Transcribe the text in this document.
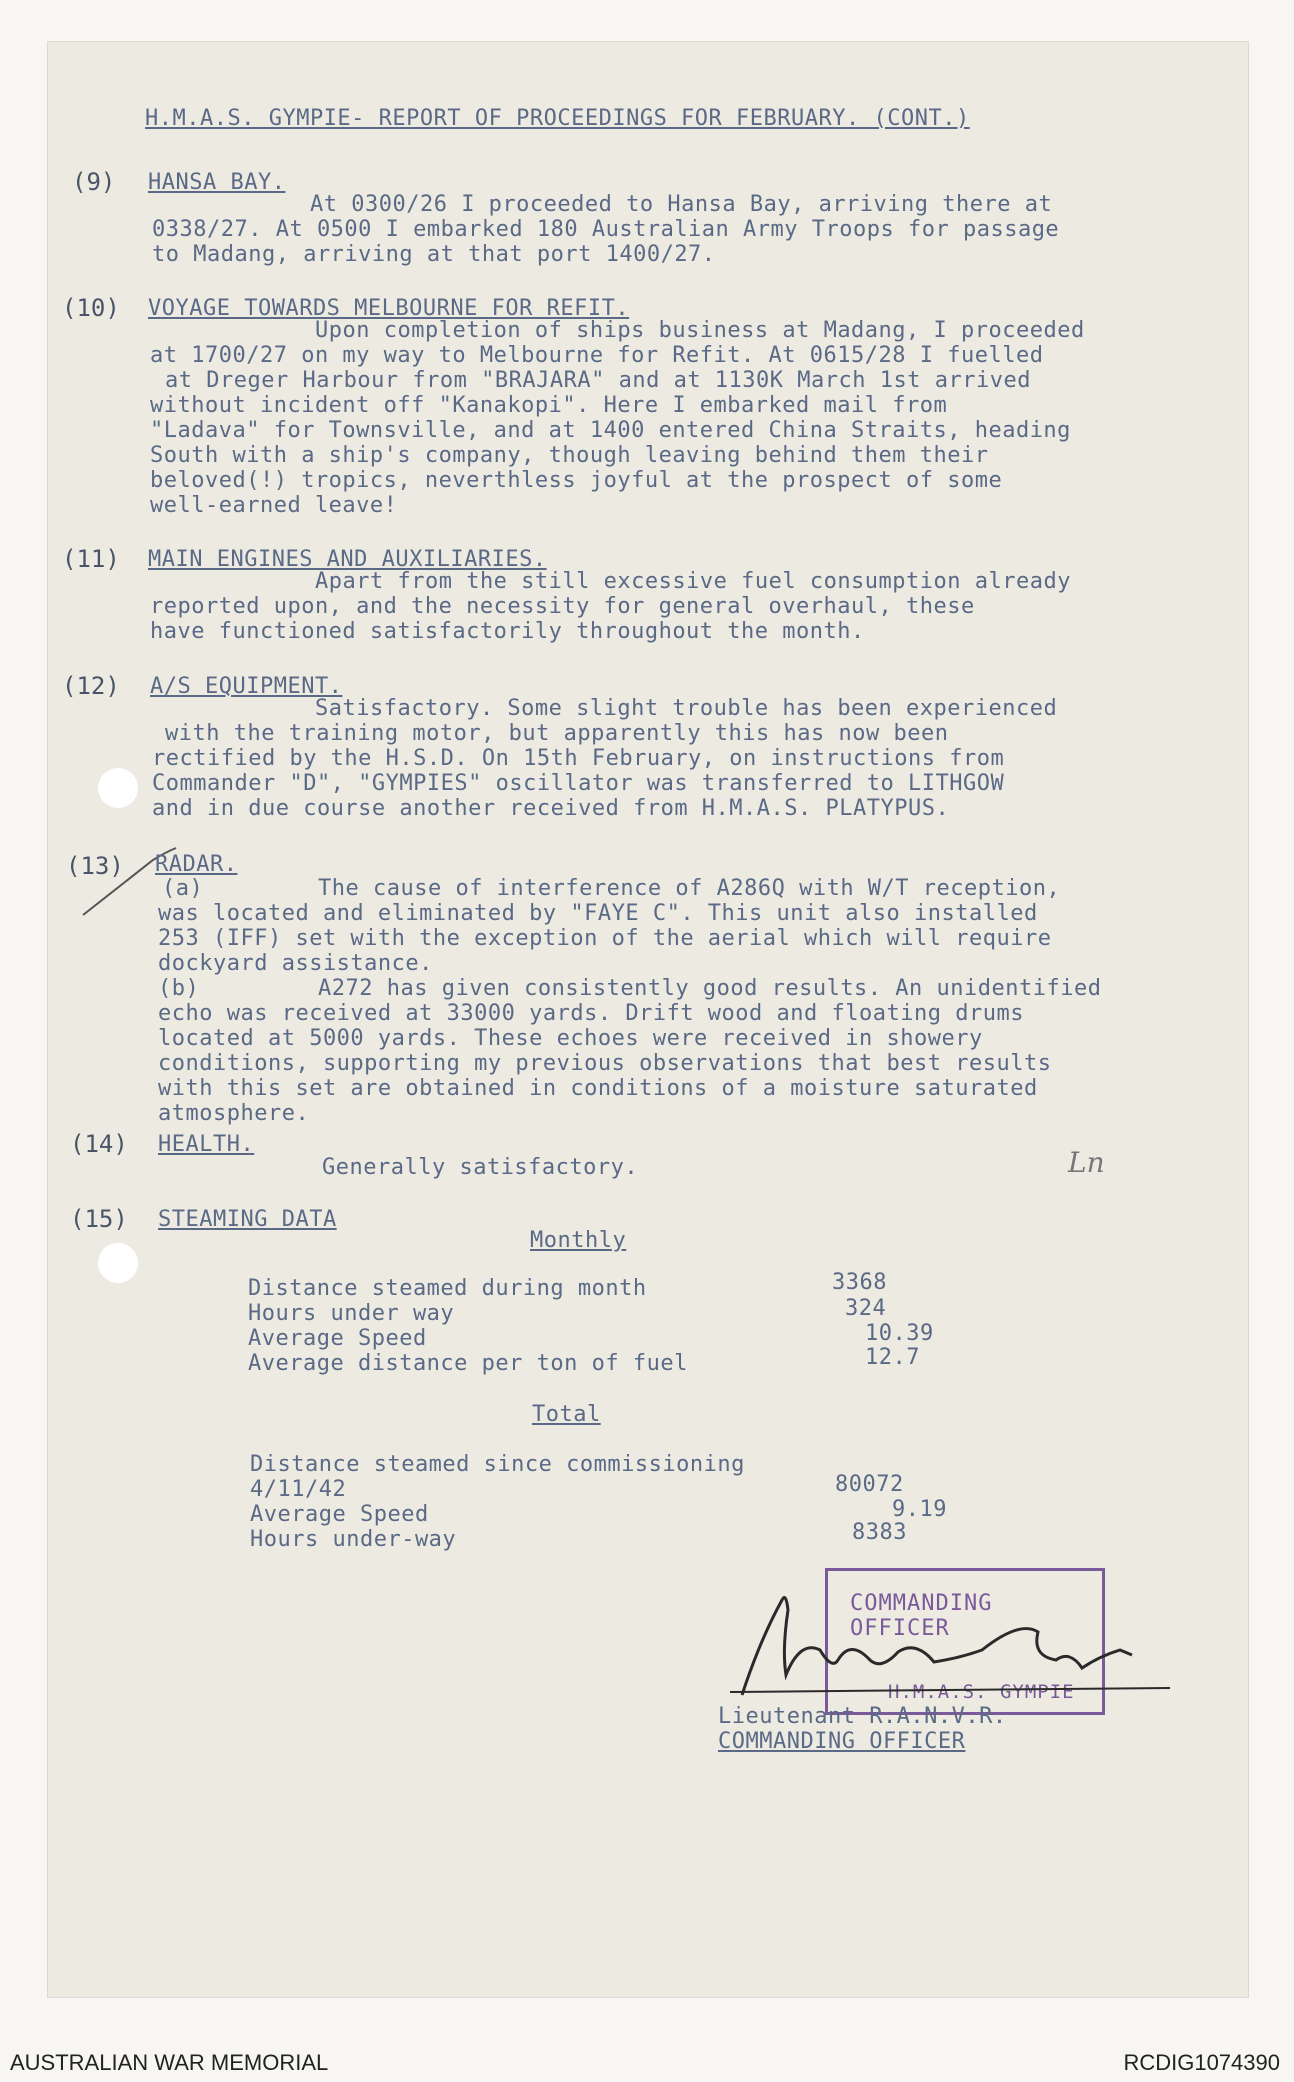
H.M.A.S. GYMPIE- REPORT OF PROCEEDINGS FOR FEBRUARY. (CONT.)
(9) HANSA BAY.
At 0300/26 I proceeded to Hansa Bay, arriving there at
0338/27. At 0500 I embarked 180 Australian Army Troops for passage
to Madang, arriving at that port 1400/27.
(10) VOYAGE TOWARDS MELBOURNE FOR REFIT.
Upon completion of ships business at Madang, I proceeded
at 1700/27 on my way to Melbourne for Refit. At 0615/28 I fuelled
at Dreger Harbour from "BRAJARA" and at 1130K March 1st arrived
without incident off "Kanakopi". Here I embarked mail from
"Ladava" for Townsville, and at 1400 entered China Straits, heading
South with a ship's company, though leaving behind them their
beloved(!) tropics, neverthless joyful at the prospect of some
well-earned leave!
(11) MAIN ENGINES AND AUXILIARIES.
Apart from the still excessive fuel consumption already
reported upon, and the necessity for general overhaul, these
have functioned satisfactorily throughout the month.
(12) A/S EQUIPMENT.
Satisfactory. Some slight trouble has been experienced
with the training motor, but apparently this has now been
rectified by the H.S.D. On 15th February, on instructions from
Commander "D", "GYMPIES" oscillator was transferred to LITHGOW
and in due course another received from H.M.A.S. PLATYPUS.
(13) RADAR.
(a)	The cause of interference of A286Q with W/T reception,
was located and eliminated by "FAYE C". This unit also installed
253 (IFF) set with the exception of the aerial which will require
dockyard assistance.
(b)	A272 has given consistently good results. An unidentified
echo was received at 33000 yards. Drift wood and floating drums
located at 5000 yards. These echoes were received in showery
conditions, supporting my previous observations that best results
with this set are obtained in conditions of a moisture saturated
atmosphere.
(14) HEALTH.
Generally satisfactory.	Ln
(15) STEAMING DATA
Monthly
Distance steamed during month	3368
Hours under way	324
Average Speed	10.39
Average distance per ton of fuel	12.7
Total
Distance steamed since commissioning
4/11/42	80072
Average Speed	9.19
Hours under-way	8383
COMMANDING OFFICER
H.M.A.S. GYMPIE
Lieutenant R.A.N.V.R.
COMMANDING OFFICER
AUSTRALIAN WAR MEMORIAL	RCDIG1074390
